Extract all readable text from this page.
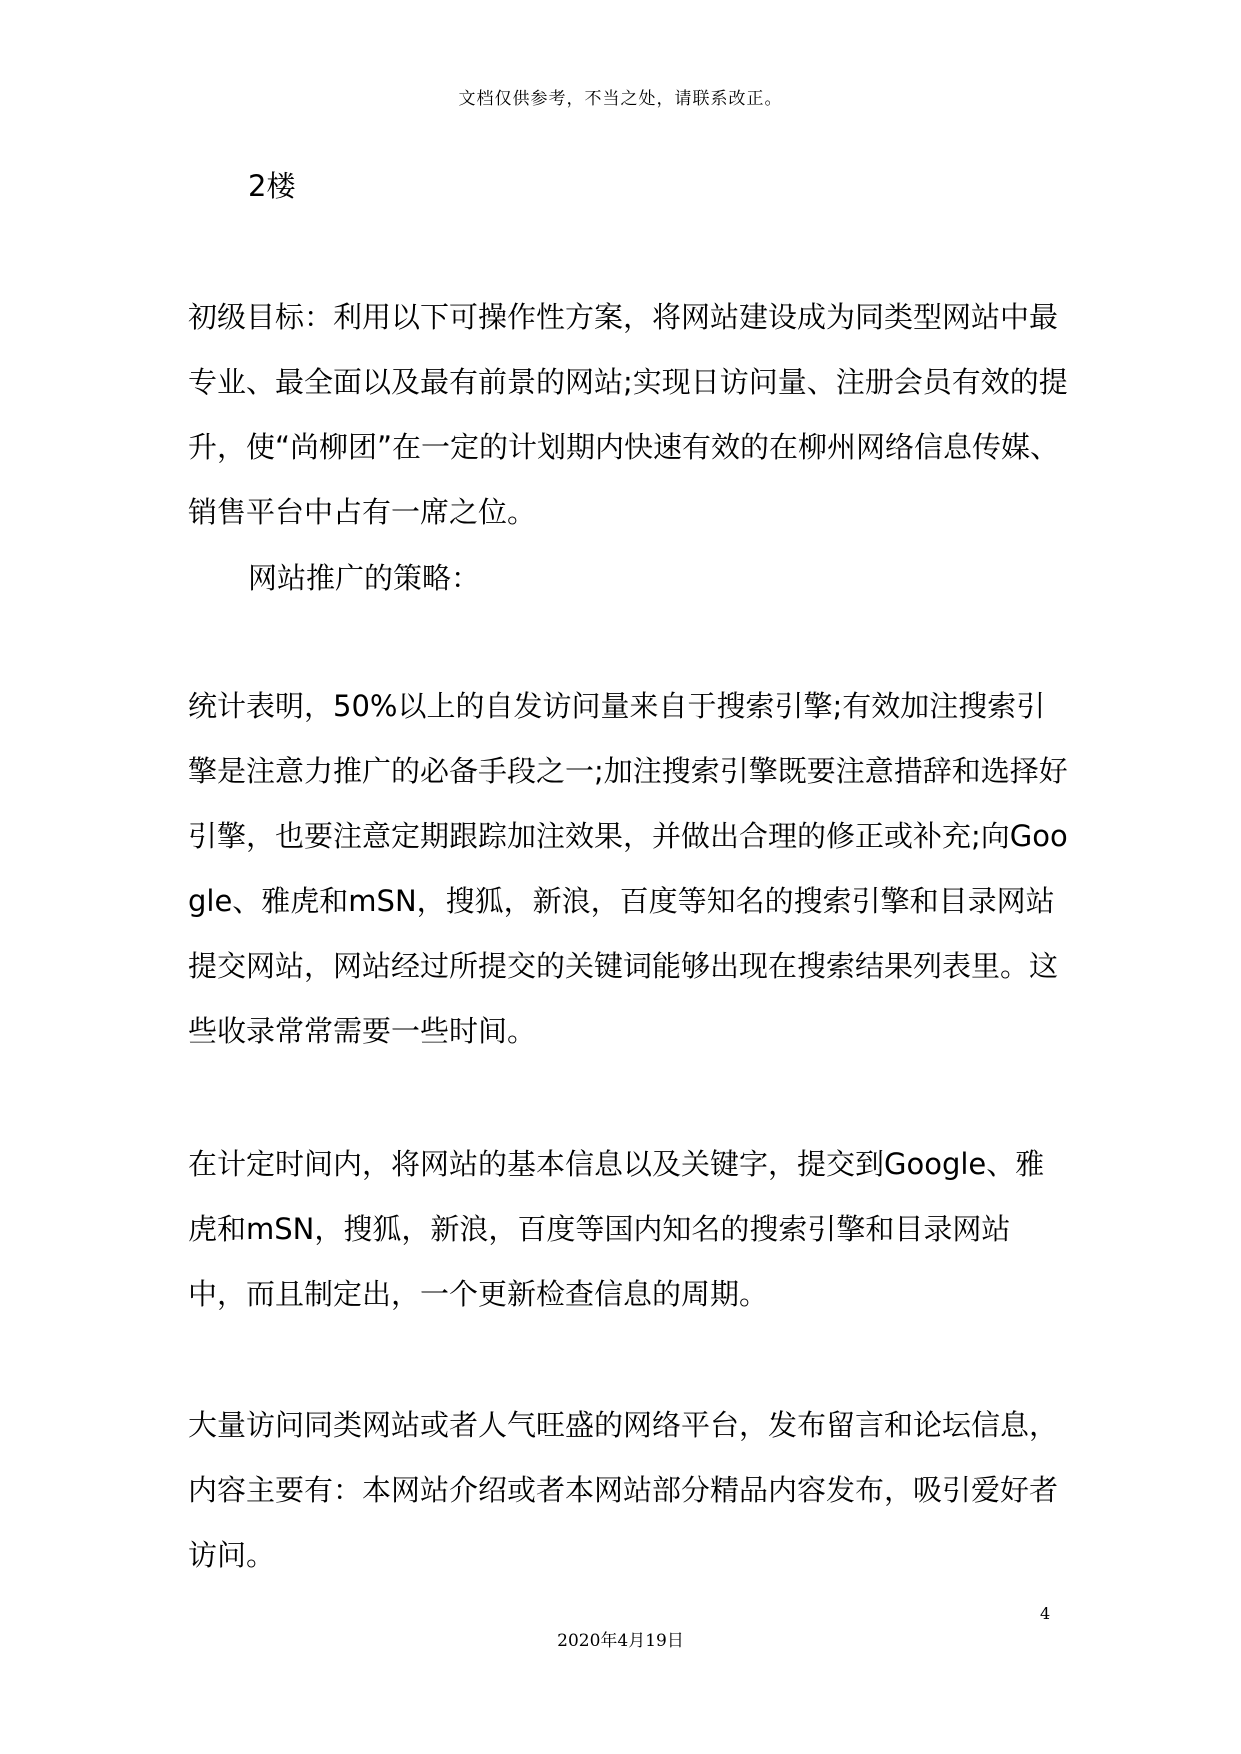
文档仅供参考，不当之处，请联系改正。
2楼

初级目标：利用以下可操作性方案，将网站建设成为同类型网站中最专业、最全面以及最有前景的网站;实现日访问量、注册会员有效的提升，使“尚柳团”在一定的计划期内快速有效的在柳州网络信息传媒、销售平台中占有一席之位。

网站推广的策略：

统计表明，50%以上的自发访问量来自于搜索引擎;有效加注搜索引擎是注意力推广的必备手段之一;加注搜索引擎既要注意措辞和选择好引擎，也要注意定期跟踪加注效果，并做出合理的修正或补充;向Google、雅虎和mSN，搜狐，新浪，百度等知名的搜索引擎和目录网站提交网站，网站经过所提交的关键词能够出现在搜索结果列表里。这些收录常常需要一些时间。

在计定时间内，将网站的基本信息以及关键字，提交到Google、雅虎和mSN，搜狐，新浪，百度等国内知名的搜索引擎和目录网站中，而且制定出，一个更新检查信息的周期。

大量访问同类网站或者人气旺盛的网络平台，发布留言和论坛信息，内容主要有：本网站介绍或者本网站部分精品内容发布，吸引爱好者访问。

4
2020年4月19日
